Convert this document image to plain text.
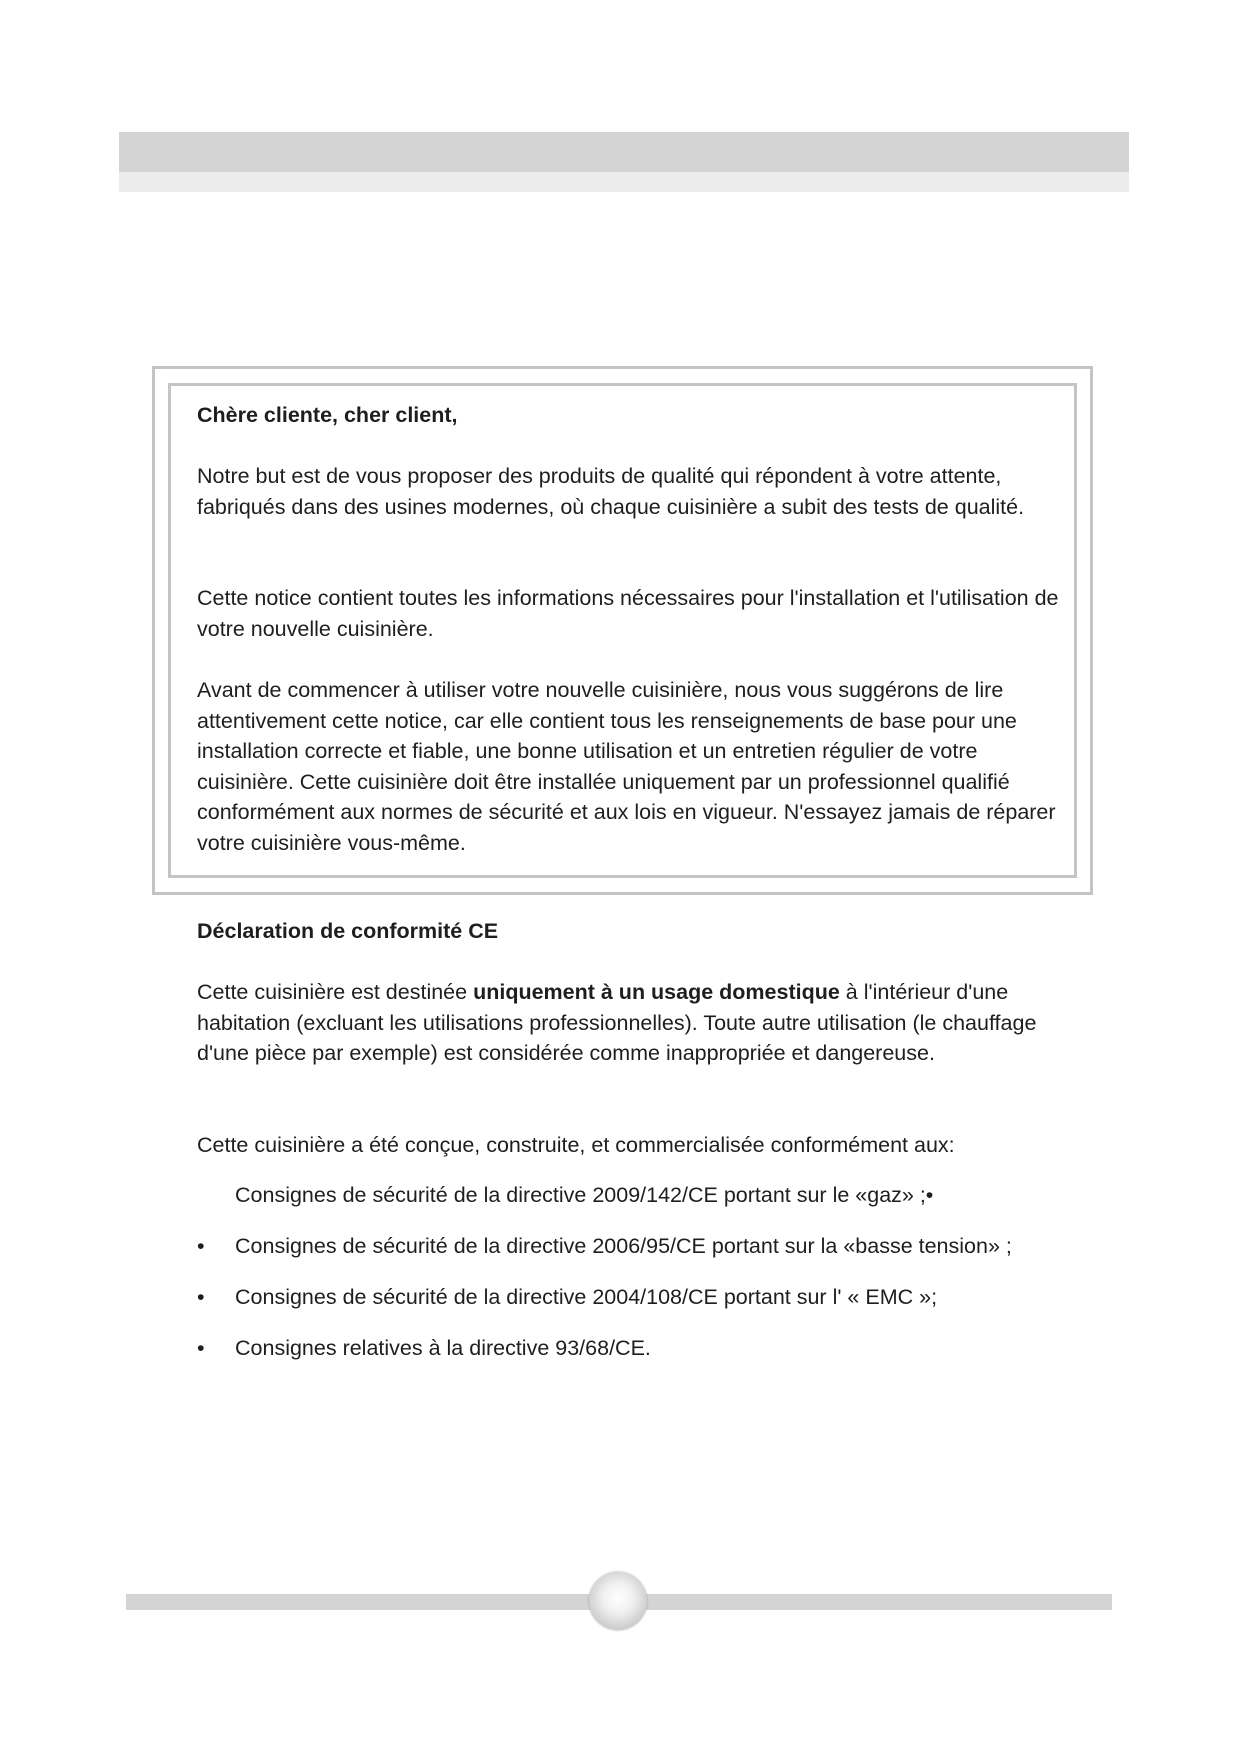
Chère cliente, cher client,

Notre but est de vous proposer des produits de qualité qui répondent à votre attente, fabriqués dans des usines modernes, où chaque cuisinière a subit des tests de qualité.

Cette notice contient toutes les informations nécessaires pour l'installation et l'utilisation de votre nouvelle cuisinière.

Avant de commencer à utiliser votre nouvelle cuisinière, nous vous suggérons de lire attentivement cette notice, car elle contient tous les renseignements de base pour une installation correcte et fiable, une bonne utilisation et un entretien régulier de votre cuisinière. Cette cuisinière doit être installée uniquement par un professionnel qualifié conformément aux normes de sécurité et aux lois en vigueur. N'essayez jamais de réparer votre cuisinière vous-même.

Déclaration de conformité CE

Cette cuisinière est destinée uniquement à un usage domestique à l'intérieur d'une habitation (excluant les utilisations professionnelles). Toute autre utilisation (le chauffage d'une pièce par exemple) est considérée comme inappropriée et dangereuse.

Cette cuisinière a été conçue, construite, et commercialisée conformément aux:

Consignes de sécurité de la directive 2009/142/CE portant sur le «gaz» ;•
•	Consignes de sécurité de la directive 2006/95/CE portant sur la «basse tension» ;
•	Consignes de sécurité de la directive 2004/108/CE portant sur l' « EMC »;
•	Consignes relatives à la directive 93/68/CE.
